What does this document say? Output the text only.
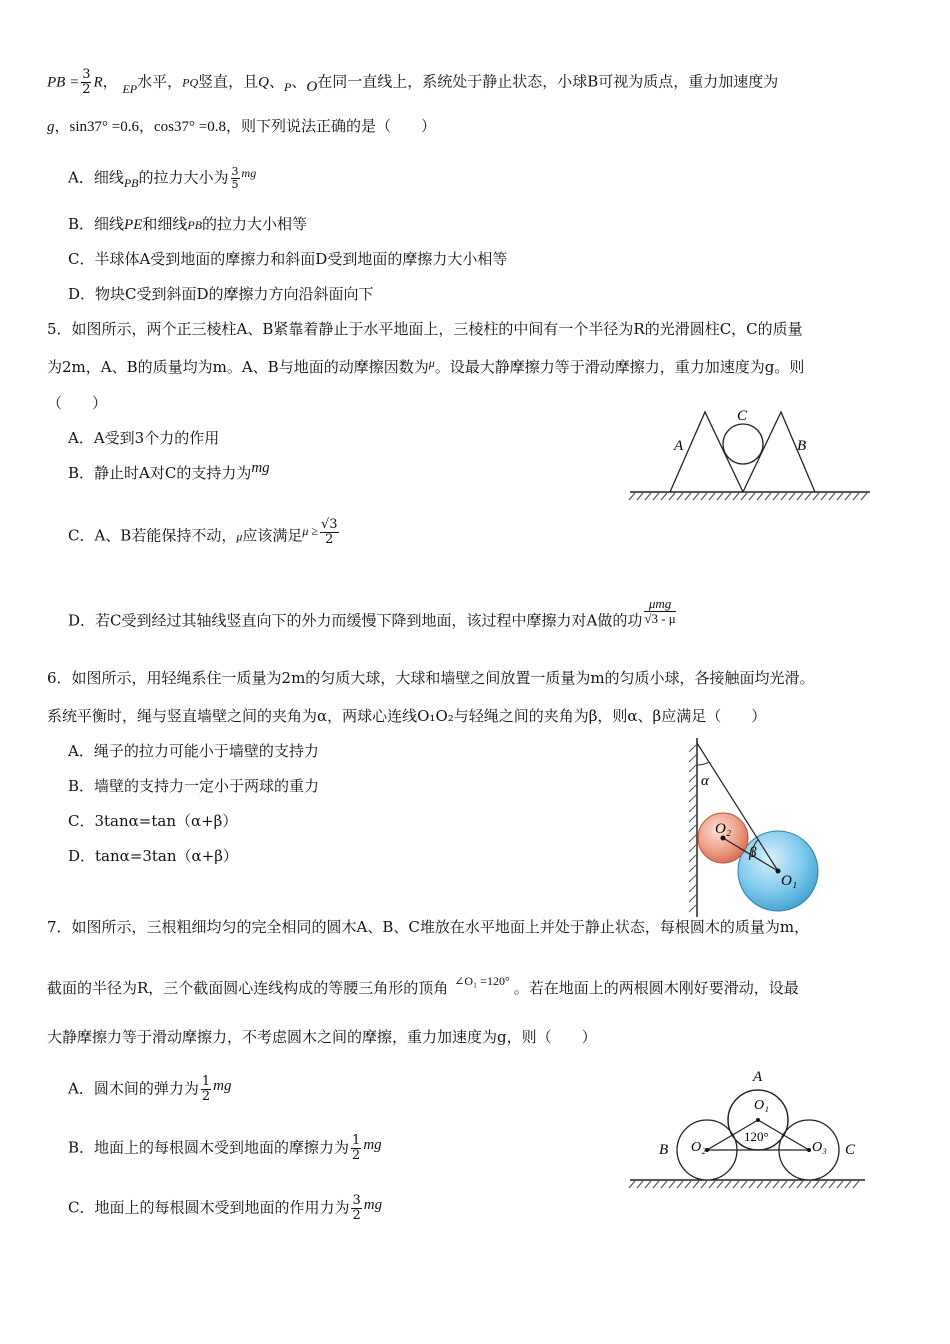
PB = $\frac{3}{2}$ R， $_{EP}$水平，PQ竖直，且Q、$_P$、O在同一直线上，系统处于静止状态，小球B可视为质点，重力加速度为
g，sin37° =0.6，cos37° =0.8，则下列说法正确的是（　　）
A．细线$_{PB}$的拉力大小为 $\frac{3}{5} ^{mg}$
B．细线PE和细线PB的拉力大小相等
C．半球体A受到地面的摩擦力和斜面D受到地面的摩擦力大小相等
D．物块C受到斜面D的摩擦力方向沿斜面向下
5．如图所示，两个正三棱柱A、B紧靠着静止于水平地面上，三棱柱的中间有一个半径为R的光滑圆柱C，C的质量
为2m，A、B的质量均为m。A、B与地面的动摩擦因数为$^\mu$。设最大静摩擦力等于滑动摩擦力，重力加速度为g。则
（　　）
A．A受到3个力的作用
B．静止时A对C的支持力为mg
C．A、B若能保持不动，μ应该满足$^{\mu \ge} \frac{√3}{2}$
D．若C受到经过其轴线竖直向下的外力而缓慢下降到地面，该过程中摩擦力对A做的功 $\frac{\text{μmg}}{√3 - \mu}$
A
C
B
6．如图所示，用轻绳系住一质量为2m的匀质大球，大球和墙壁之间放置一质量为m的匀质小球，各接触面均光滑。
系统平衡时，绳与竖直墙壁之间的夹角为α，两球心连线O₁O₂与轻绳之间的夹角为β，则α、β应满足（　　）
A．绳子的拉力可能小于墙壁的支持力
B．墙壁的支持力一定小于两球的重力
C．3tanα=tan（α+β）
D．tanα=3tan（α+β）
α
β
O₂
O₁
7．如图所示，三根粗细均匀的完全相同的圆木A、B、C堆放在水平地面上并处于静止状态，每根圆木的质量为m，
截面的半径为R，三个截面圆心连线构成的等腰三角形的顶角 $^{\angle O_1 =120^\circ}$ 。若在地面上的两根圆木刚好要滑动，设最
大静摩擦力等于滑动摩擦力，不考虑圆木之间的摩擦，重力加速度为g，则（　　）
A．圆木间的弹力为 $\frac{1}{2}$ mg
B．地面上的每根圆木受到地面的摩擦力为 $\frac{1}{2}$ mg
C．地面上的每根圆木受到地面的作用力为 $\frac{3}{2}$ mg
A
O₁
120°
B O₂	O₃ C
